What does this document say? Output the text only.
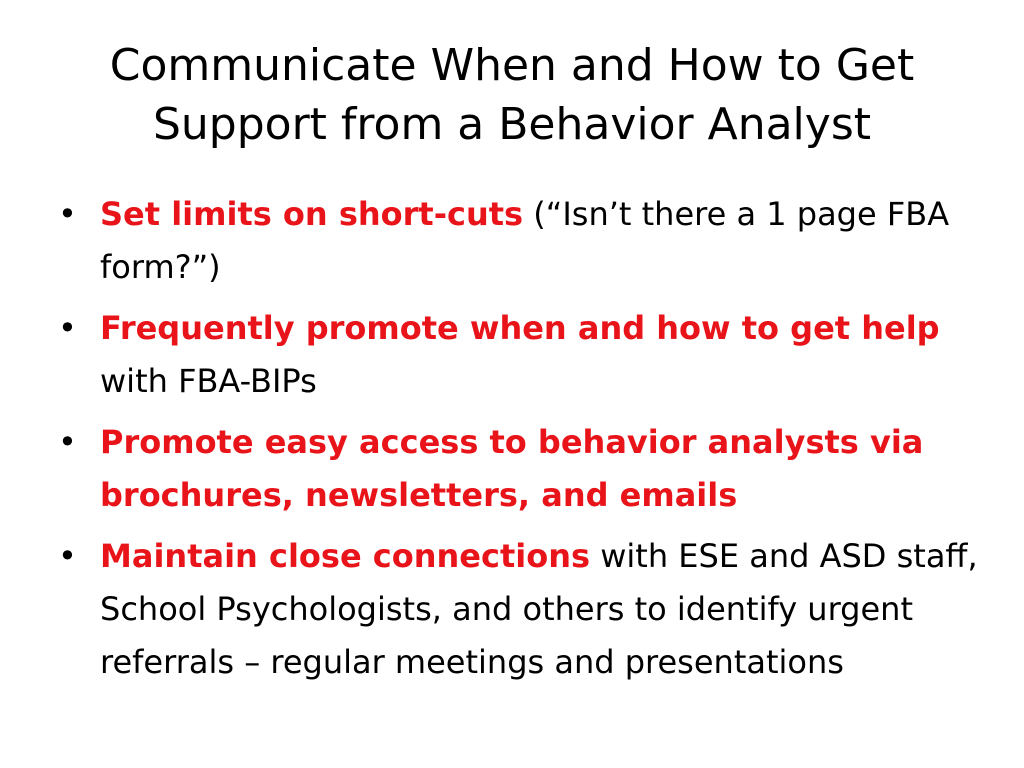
Communicate When and How to Get
Support from a Behavior Analyst
• Set limits on short-cuts (“Isn’t there a 1 page FBA form?”)
• Frequently promote when and how to get help with FBA-BIPs
• Promote easy access to behavior analysts via brochures, newsletters, and emails
• Maintain close connections with ESE and ASD staff, School Psychologists, and others to identify urgent referrals – regular meetings and presentations
